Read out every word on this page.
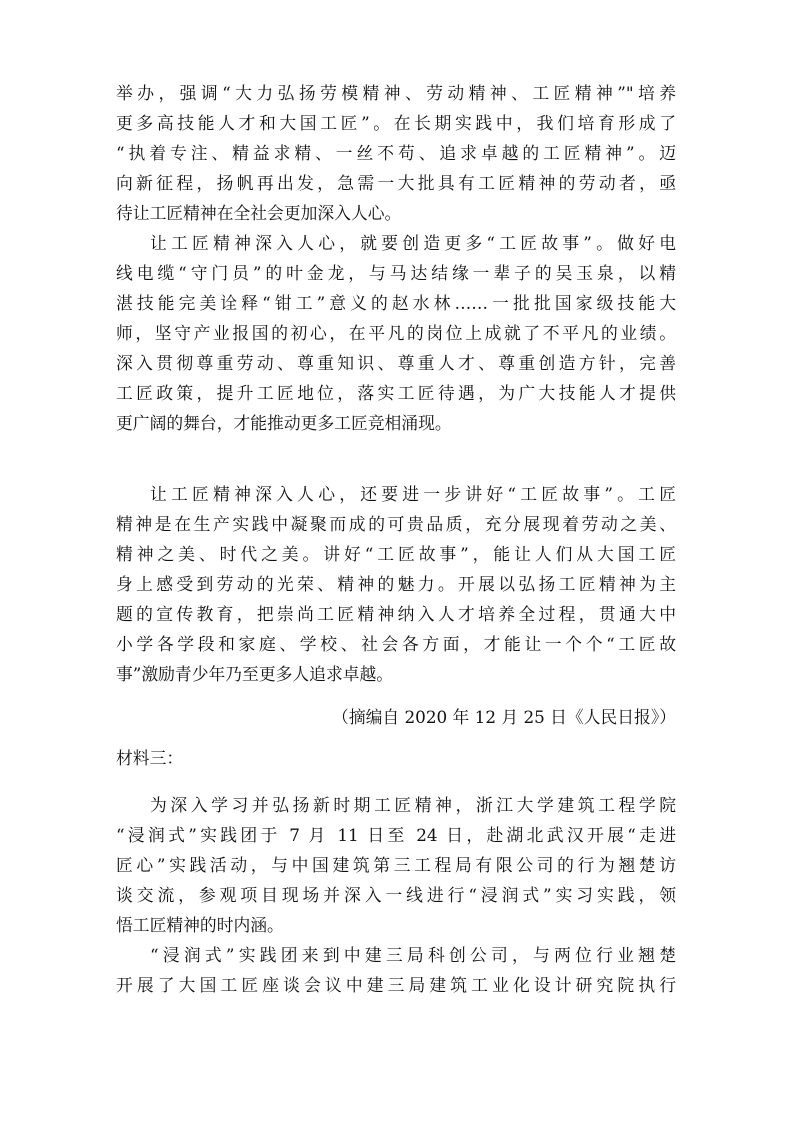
举办，强调“大力弘扬劳模精神、劳动精神、工匠精神”"培养
更多高技能人才和大国工匠”。在长期实践中，我们培育形成了
“执着专注、精益求精、一丝不苟、追求卓越的工匠精神”。迈
向新征程，扬帆再出发，急需一大批具有工匠精神的劳动者，亟
待让工匠精神在全社会更加深入人心。
让工匠精神深入人心，就要创造更多“工匠故事”。做好电
线电缆“守门员”的叶金龙，与马达结缘一辈子的吴玉泉，以精
湛技能完美诠释“钳工”意义的赵水林……一批批国家级技能大
师，坚守产业报国的初心，在平凡的岗位上成就了不平凡的业绩。
深入贯彻尊重劳动、尊重知识、尊重人才、尊重创造方针，完善
工匠政策，提升工匠地位，落实工匠待遇，为广大技能人才提供
更广阔的舞台，才能推动更多工匠竞相涌现。
让工匠精神深入人心，还要进一步讲好“工匠故事”。工匠
精神是在生产实践中凝聚而成的可贵品质，充分展现着劳动之美、
精神之美、时代之美。讲好“工匠故事”，能让人们从大国工匠
身上感受到劳动的光荣、精神的魅力。开展以弘扬工匠精神为主
题的宣传教育，把崇尚工匠精神纳入人才培养全过程，贯通大中
小学各学段和家庭、学校、社会各方面，才能让一个个“工匠故
事”激励青少年乃至更多人追求卓越。
（摘编自 2020 年 12 月 25 日《人民日报》）
材料三：
为深入学习并弘扬新时期工匠精神，浙江大学建筑工程学院
“浸润式”实践团于 7 月 11 日至 24 日，赴湖北武汉开展“走进
匠心”实践活动，与中国建筑第三工程局有限公司的行为翘楚访
谈交流，参观项目现场并深入一线进行“浸润式”实习实践，领
悟工匠精神的时内涵。
“浸润式”实践团来到中建三局科创公司，与两位行业翘楚
开展了大国工匠座谈会议中建三局建筑工业化设计研究院执行
